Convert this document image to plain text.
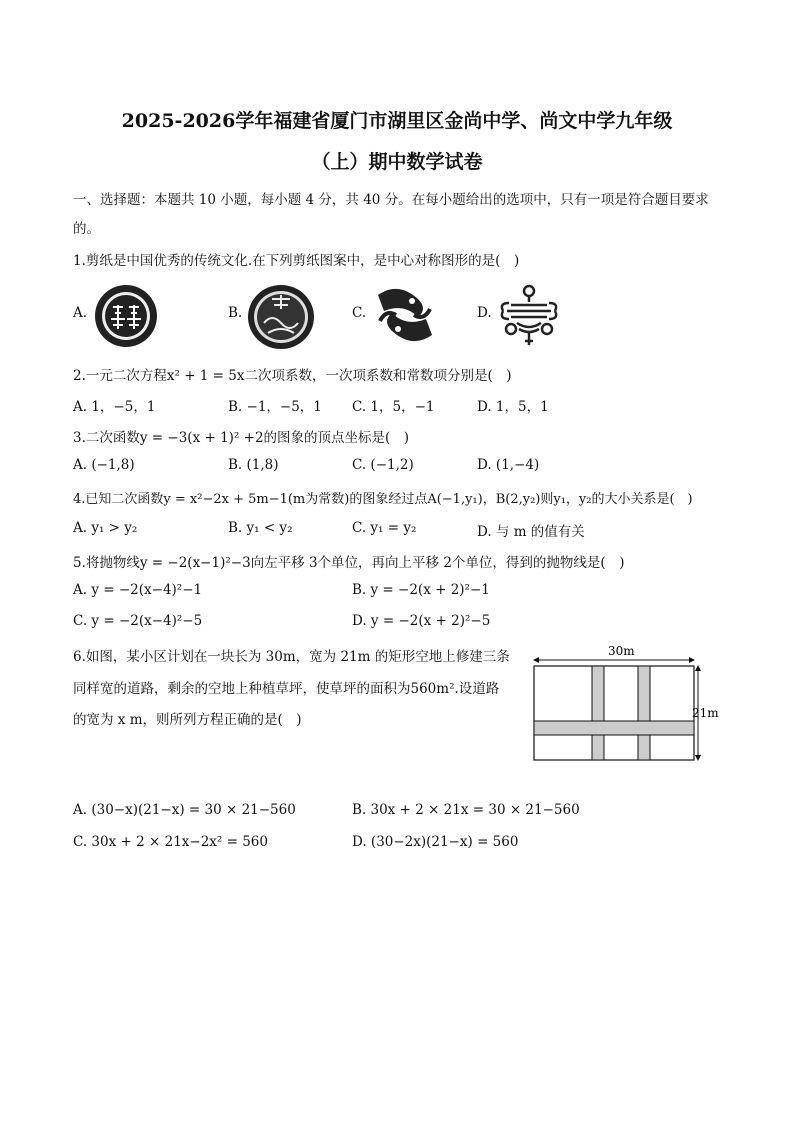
2025-2026学年福建省厦门市湖里区金尚中学、尚文中学九年级
（上）期中数学试卷
一、选择题：本题共 10 小题，每小题 4 分，共 40 分。在每小题给出的选项中，只有一项是符合题目要求
的。
1.剪纸是中国优秀的传统文化.在下列剪纸图案中，是中心对称图形的是(　)
A.	B.	C.	D.
2.一元二次方程x² + 1 = 5x二次项系数，一次项系数和常数项分别是(　)
A. 1，−5，1	B. −1，−5，1 C. 1，5，−1	D. 1，5，1
3.二次函数y = −3(x + 1)² +2的图象的顶点坐标是(　)
A. (−1,8)	B. (1,8)	C. (−1,2)	D. (1,−4)
4.已知二次函数y = x²−2x + 5m−1(m为常数)的图象经过点A(−1,y₁)，B(2,y₂)则y₁，y₂的大小关系是(　)
A. y₁ > y₂	B. y₁ < y₂	C. y₁ = y₂	D. 与 m 的值有关
5.将抛物线y = −2(x−1)²−3向左平移 3个单位，再向上平移 2个单位，得到的抛物线是(　)
A. y = −2(x−4)²−1	B. y = −2(x + 2)²−1
C. y = −2(x−4)²−5	D. y = −2(x + 2)²−5
6.如图，某小区计划在一块长为 30m，宽为 21m 的矩形空地上修建三条
同样宽的道路，剩余的空地上种植草坪，使草坪的面积为560m².设道路
的宽为 x m，则所列方程正确的是(　)
30m
21m
A. (30−x)(21−x) = 30 × 21−560	B. 30x + 2 × 21x = 30 × 21−560
C. 30x + 2 × 21x−2x² = 560	D. (30−2x)(21−x) = 560
